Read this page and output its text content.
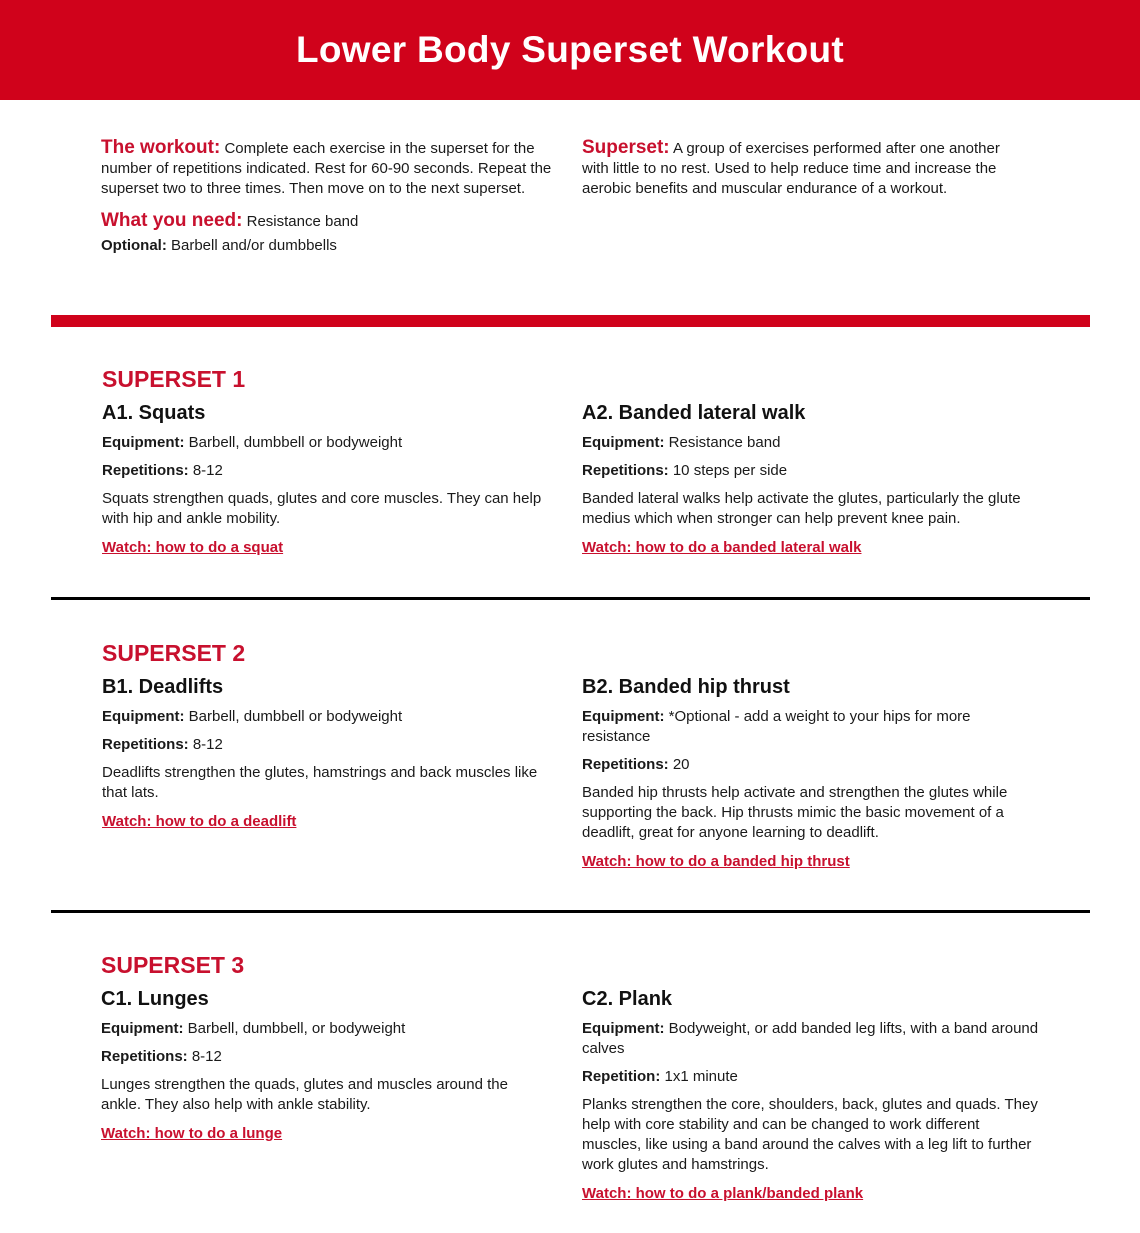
Lower Body Superset Workout

The workout: Complete each exercise in the superset for the number of repetitions indicated. Rest for 60-90 seconds. Repeat the superset two to three times. Then move on to the next superset.

What you need: Resistance band

Optional: Barbell and/or dumbbells

Superset: A group of exercises performed after one another with little to no rest. Used to help reduce time and increase the aerobic benefits and muscular endurance of a workout.

SUPERSET 1

A1. Squats

Equipment: Barbell, dumbbell or bodyweight

Repetitions: 8-12

Squats strengthen quads, glutes and core muscles. They can help with hip and ankle mobility.

Watch: how to do a squat

A2. Banded lateral walk

Equipment: Resistance band

Repetitions: 10 steps per side

Banded lateral walks help activate the glutes, particularly the glute medius which when stronger can help prevent knee pain.

Watch: how to do a banded lateral walk
SUPERSET 2

B1. Deadlifts

Equipment: Barbell, dumbbell or bodyweight

Repetitions: 8-12

Deadlifts strengthen the glutes, hamstrings and back muscles like that lats.

Watch: how to do a deadlift

B2. Banded hip thrust

Equipment: *Optional - add a weight to your hips for more resistance

Repetitions: 20

Banded hip thrusts help activate and strengthen the glutes while supporting the back. Hip thrusts mimic the basic movement of a deadlift, great for anyone learning to deadlift.

Watch: how to do a banded hip thrust
SUPERSET 3

C1. Lunges

Equipment: Barbell, dumbbell, or bodyweight

Repetitions: 8-12

Lunges strengthen the quads, glutes and muscles around the ankle. They also help with ankle stability.

Watch: how to do a lunge

C2. Plank

Equipment: Bodyweight, or add banded leg lifts, with a band around calves

Repetition: 1x1 minute

Planks strengthen the core, shoulders, back, glutes and quads. They help with core stability and can be changed to work different muscles, like using a band around the calves with a leg lift to further work glutes and hamstrings.

Watch: how to do a plank/banded plank
